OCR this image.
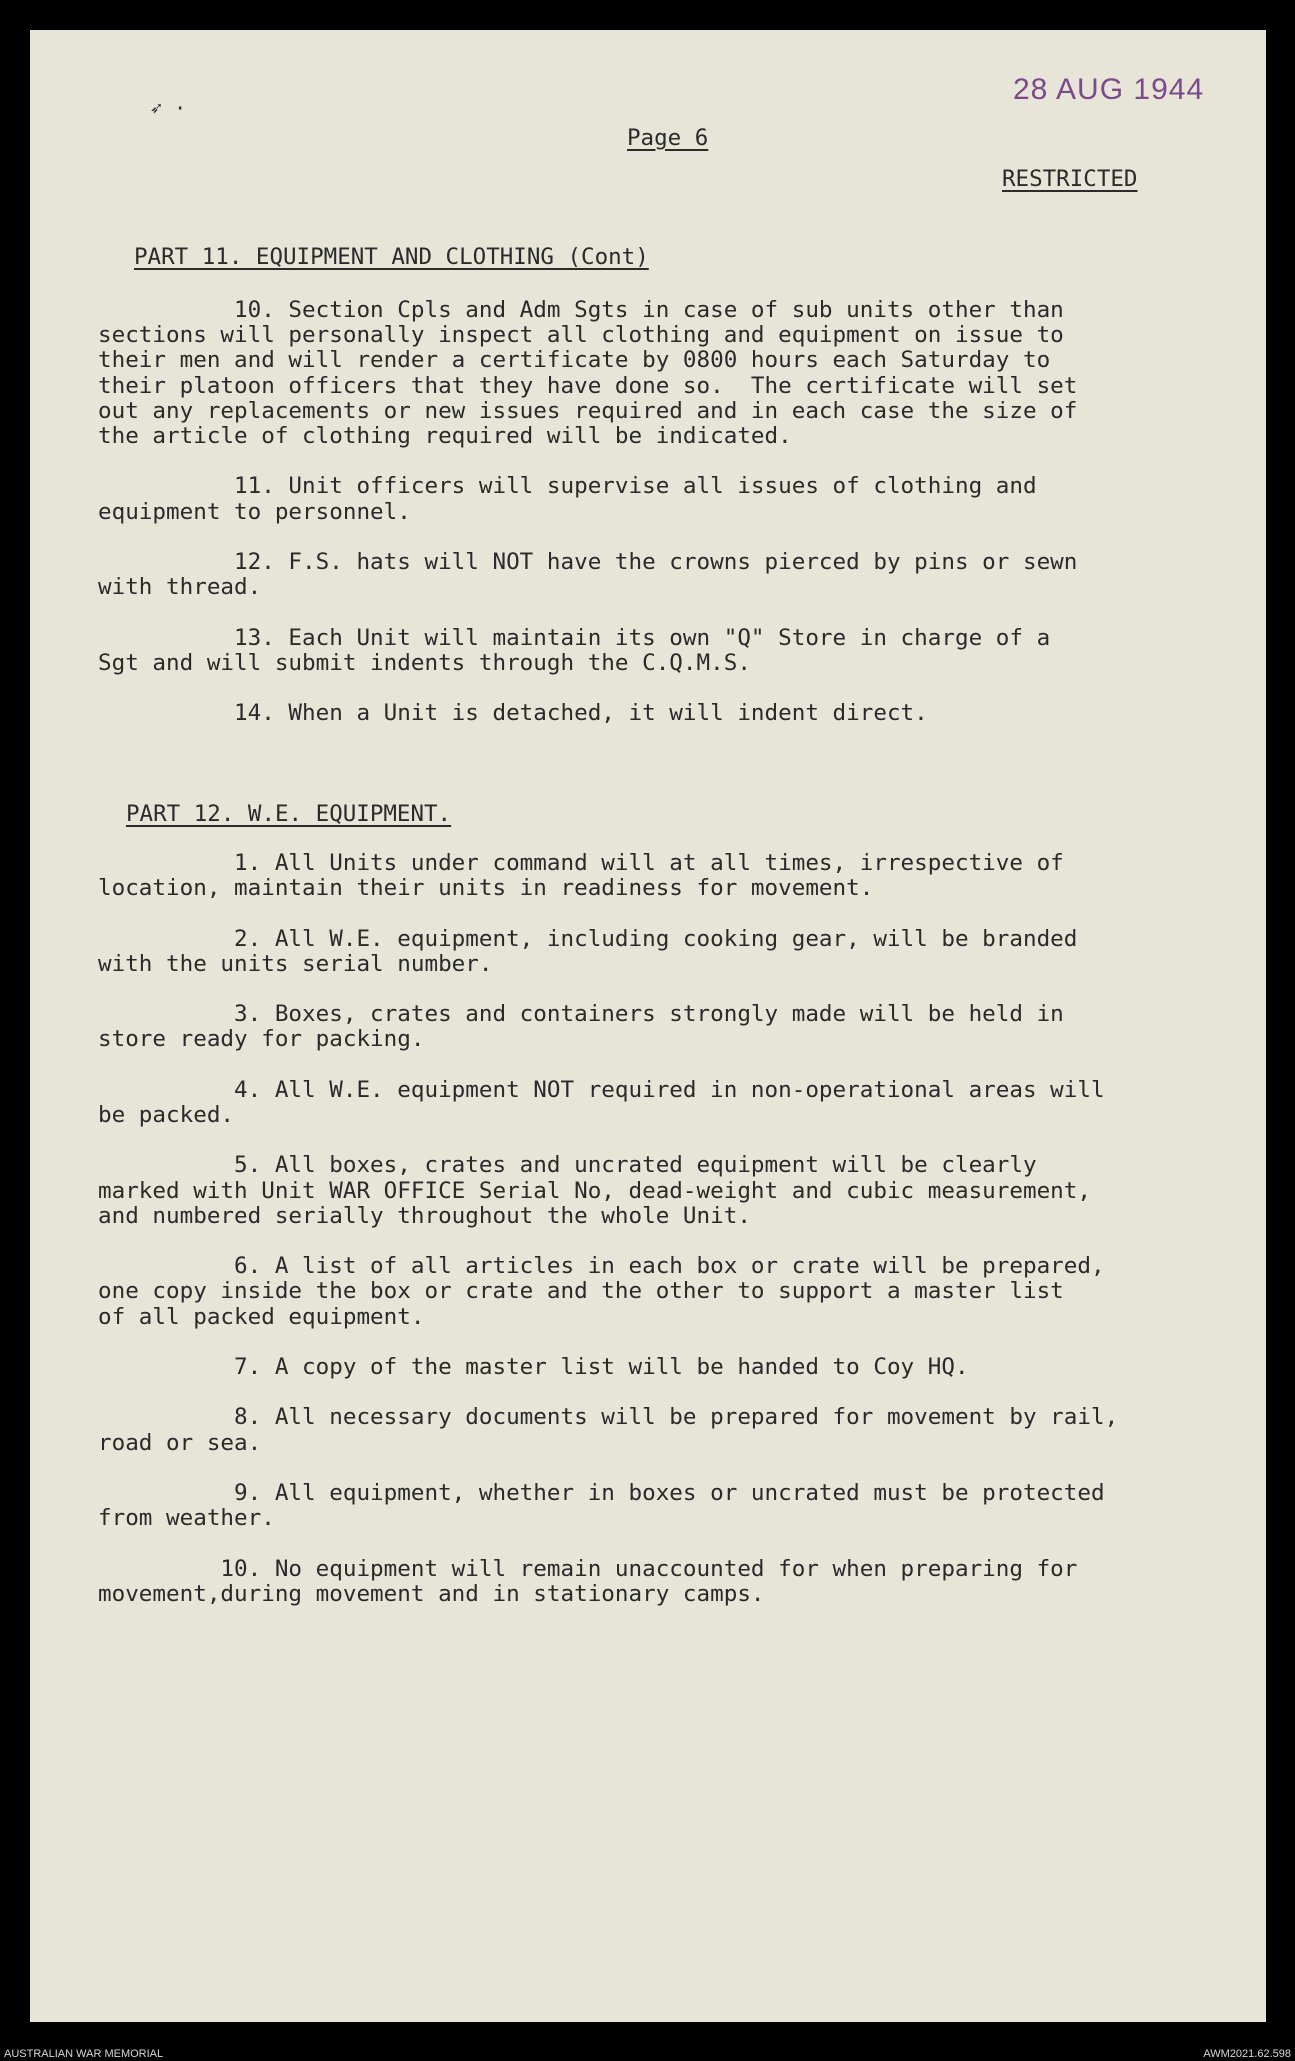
28 AUG 1944
➶ ·
Page 6
RESTRICTED
PART 11. EQUIPMENT AND CLOTHING (Cont)
10. Section Cpls and Adm Sgts in case of sub units other than
sections will personally inspect all clothing and equipment on issue to
their men and will render a certificate by 0800 hours each Saturday to
their platoon officers that they have done so.  The certificate will set
out any replacements or new issues required and in each case the size of
the article of clothing required will be indicated.
11. Unit officers will supervise all issues of clothing and
equipment to personnel.
12. F.S. hats will NOT have the crowns pierced by pins or sewn
with thread.
13. Each Unit will maintain its own "Q" Store in charge of a
Sgt and will submit indents through the C.Q.M.S.
14. When a Unit is detached, it will indent direct.
PART 12. W.E. EQUIPMENT.
1. All Units under command will at all times, irrespective of
location, maintain their units in readiness for movement.
2. All W.E. equipment, including cooking gear, will be branded
with the units serial number.
3. Boxes, crates and containers strongly made will be held in
store ready for packing.
4. All W.E. equipment NOT required in non-operational areas will
be packed.
5. All boxes, crates and uncrated equipment will be clearly
marked with Unit WAR OFFICE Serial No, dead-weight and cubic measurement,
and numbered serially throughout the whole Unit.
6. A list of all articles in each box or crate will be prepared,
one copy inside the box or crate and the other to support a master list
of all packed equipment.
7. A copy of the master list will be handed to Coy HQ.
8. All necessary documents will be prepared for movement by rail,
road or sea.
9. All equipment, whether in boxes or uncrated must be protected
from weather.
10. No equipment will remain unaccounted for when preparing for
movement,during movement and in stationary camps.
AUSTRALIAN WAR MEMORIAL	AWM2021.62.598
